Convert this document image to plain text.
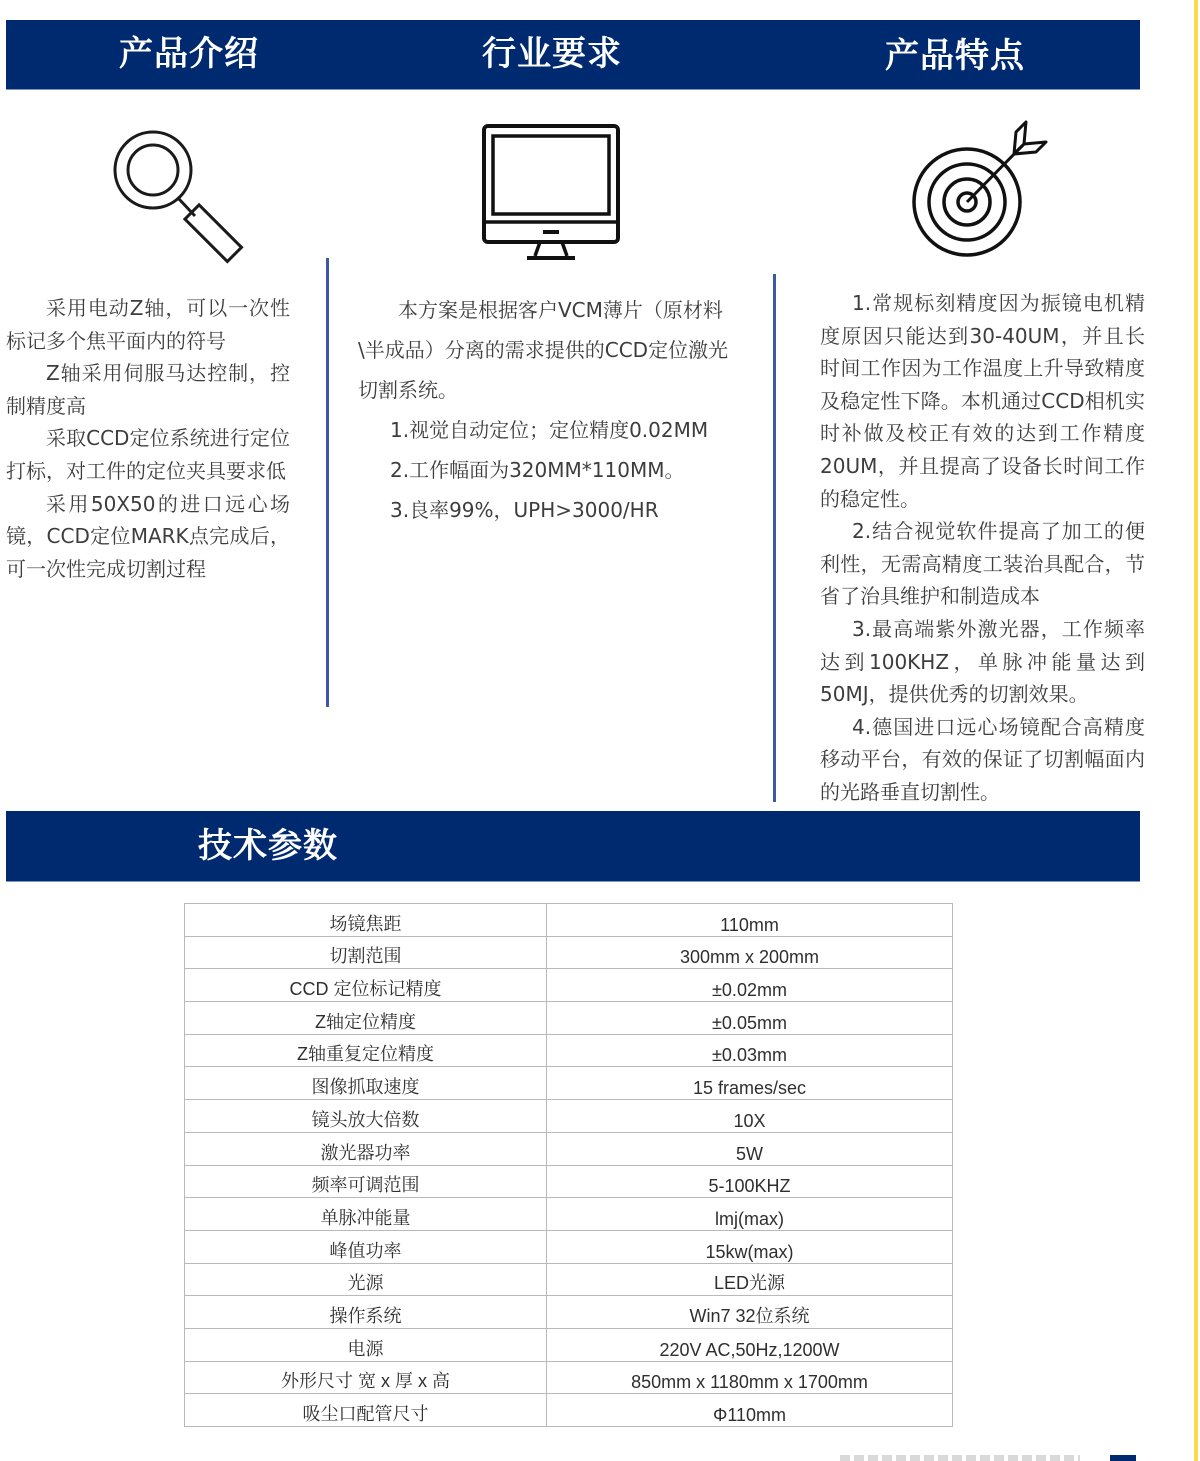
产品介绍	行业要求	产品特点

采用电动Z轴，可以一次性标记多个焦平面内的符号

Z轴采用伺服马达控制，控制精度高

采取CCD定位系统进行定位打标，对工件的定位夹具要求低

采用50X50的进口远心场镜，CCD定位MARK点完成后，可一次性完成切割过程

本方案是根据客户VCM薄片（原材料\半成品）分离的需求提供的CCD定位激光切割系统。

1.视觉自动定位；定位精度0.02MM

2.工作幅面为320MM*110MM。

3.良率99%，UPH>3000/HR

1.常规标刻精度因为振镜电机精度原因只能达到30-40UM，并且长时间工作因为工作温度上升导致精度及稳定性下降。本机通过CCD相机实时补做及校正有效的达到工作精度20UM，并且提高了设备长时间工作的稳定性。

2.结合视觉软件提高了加工的便利性，无需高精度工装治具配合，节省了治具维护和制造成本

3.最高端紫外激光器，工作频率达到100KHZ，单脉冲能量达到50MJ，提供优秀的切割效果。

4.德国进口远心场镜配合高精度移动平台，有效的保证了切割幅面内的光路垂直切割性。

技术参数
场镜焦距	110mm
切割范围	300mm x 200mm
CCD 定位标记精度	±0.02mm
Z轴定位精度	±0.05mm
Z轴重复定位精度	±0.03mm
图像抓取速度	15 frames/sec
镜头放大倍数	10X
激光器功率	5W
频率可调范围	5-100KHZ
单脉冲能量	lmj(max)
峰值功率	15kw(max)
光源	LED光源
操作系统	Win7 32位系统
电源	220V AC,50Hz,1200W
外形尺寸 宽 x 厚 x 高	850mm x 1180mm x 1700mm
吸尘口配管尺寸	Φ110mm
